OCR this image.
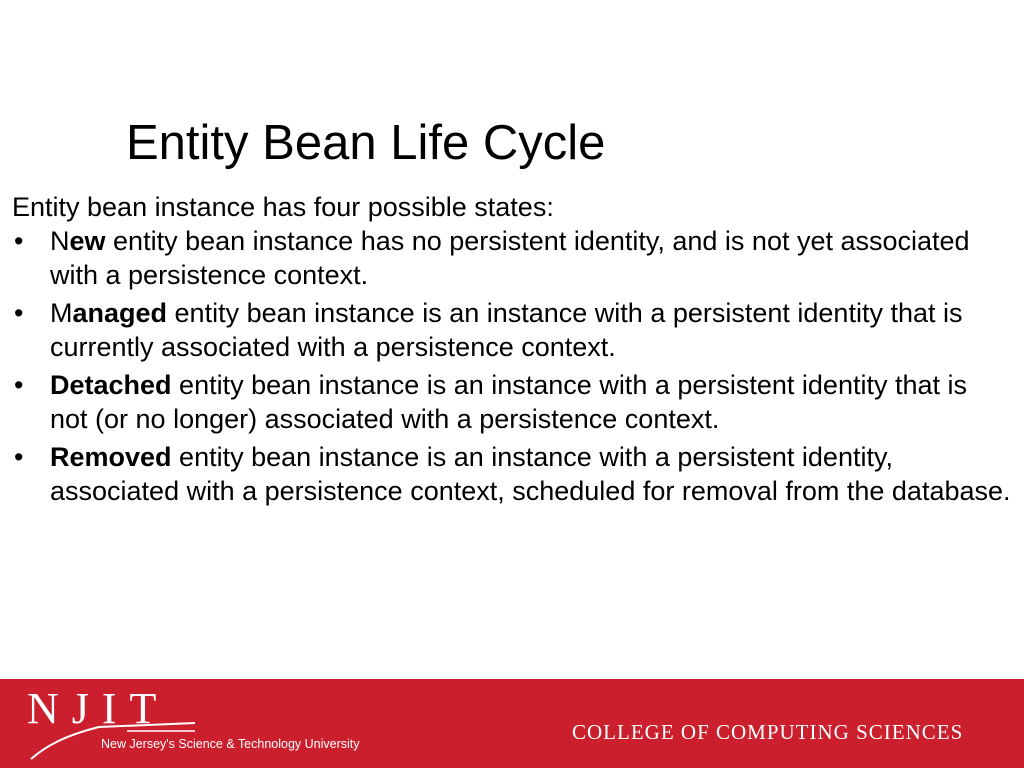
Entity Bean Life Cycle
Entity bean instance has four possible states:
• New entity bean instance has no persistent identity, and is not yet associated with a persistence context.
• Managed entity bean instance is an instance with a persistent identity that is currently associated with a persistence context.
• Detached entity bean instance is an instance with a persistent identity that is not (or no longer) associated with a persistence context.
• Removed entity bean instance is an instance with a persistent identity, associated with a persistence context, scheduled for removal from the database.
NJIT
New Jersey's Science & Technology University	COLLEGE OF COMPUTING SCIENCES
